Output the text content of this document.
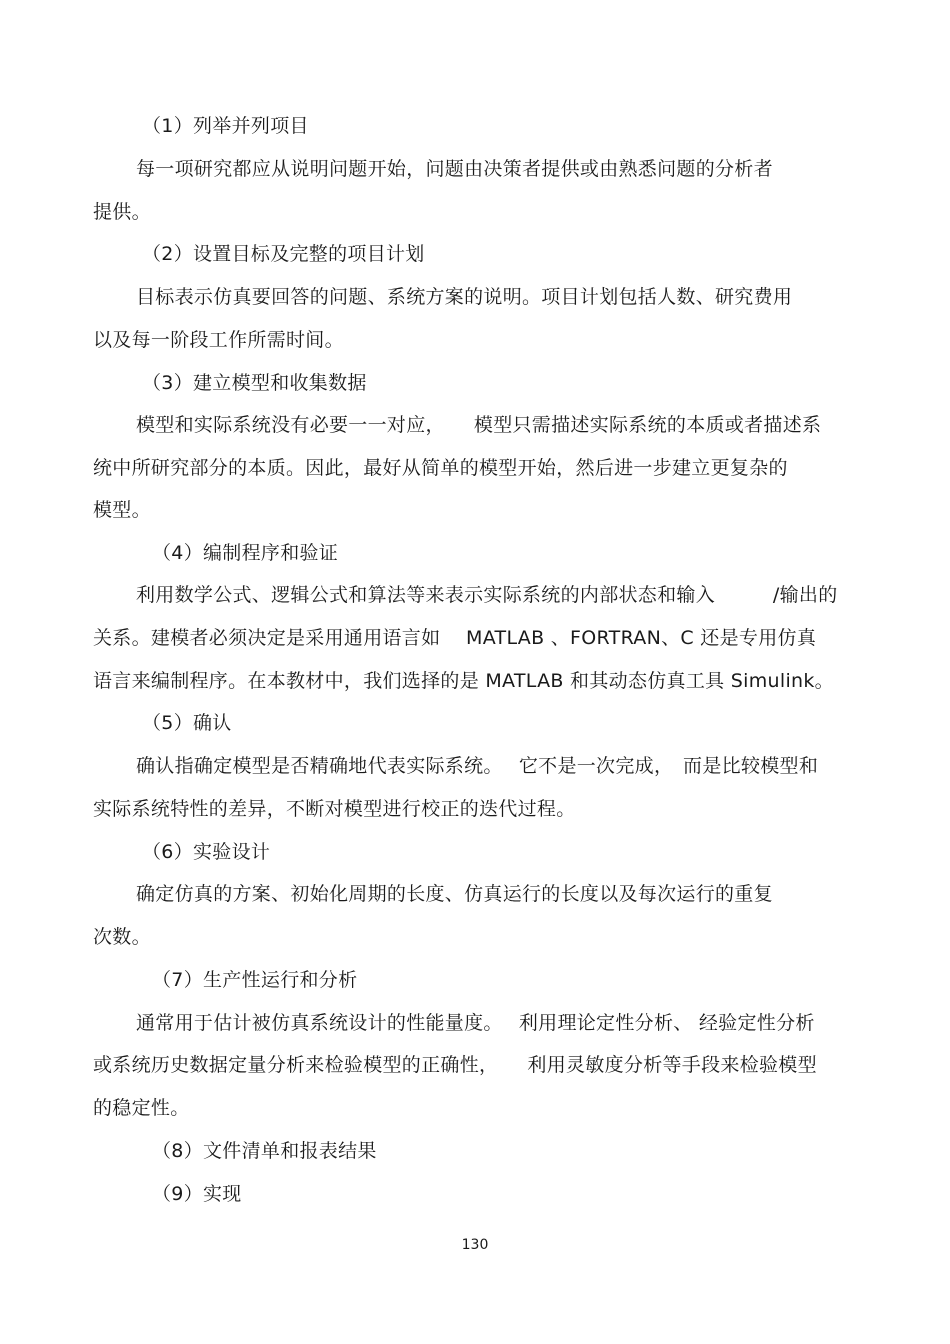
（1）列举并列项目
每一项研究都应从说明问题开始，问题由决策者提供或由熟悉问题的分析者
提供。
（2）设置目标及完整的项目计划
目标表示仿真要回答的问题、系统方案的说明。项目计划包括人数、研究费用
以及每一阶段工作所需时间。
（3）建立模型和收集数据
模型和实际系统没有必要一一对应，　　模型只需描述实际系统的本质或者描述系
统中所研究部分的本质。因此，最好从简单的模型开始，然后进一步建立更复杂的
模型。
（4）编制程序和验证
利用数学公式、逻辑公式和算法等来表示实际系统的内部状态和输入　　　/输出的
关系。建模者必须决定是采用通用语言如　 MATLAB 、FORTRAN、C 还是专用仿真
语言来编制程序。在本教材中，我们选择的是 MATLAB 和其动态仿真工具 Simulink。
（5）确认
确认指确定模型是否精确地代表实际系统。　 它不是一次完成，　而是比较模型和
实际系统特性的差异，不断对模型进行校正的迭代过程。
（6）实验设计
确定仿真的方案、初始化周期的长度、仿真运行的长度以及每次运行的重复
次数。
（7）生产性运行和分析
通常用于估计被仿真系统设计的性能量度。　 利用理论定性分析、 经验定性分析
或系统历史数据定量分析来检验模型的正确性，　　利用灵敏度分析等手段来检验模型
的稳定性。
（8）文件清单和报表结果
（9）实现
130
